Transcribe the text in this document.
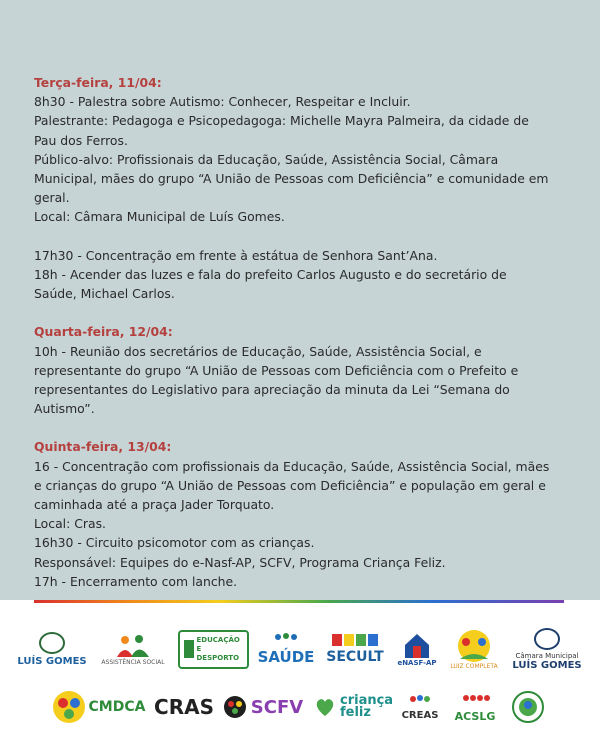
Terça-feira, 11/04:
8h30 - Palestra sobre Autismo: Conhecer, Respeitar e Incluir.
Palestrante: Pedagoga e Psicopedagoga: Michelle Mayra Palmeira, da cidade de
Pau dos Ferros.
Público-alvo: Profissionais da Educação, Saúde, Assistência Social, Câmara
Municipal, mães do grupo “A União de Pessoas com Deficiência” e comunidade em
geral.
Local: Câmara Municipal de Luís Gomes.
17h30 - Concentração em frente à estátua de Senhora Sant’Ana.
18h - Acender das luzes e fala do prefeito Carlos Augusto e do secretário de
Saúde, Michael Carlos.
Quarta-feira, 12/04:
10h - Reunião dos secretários de Educação, Saúde, Assistência Social, e
representante do grupo “A União de Pessoas com Deficiência com o Prefeito e
representantes do Legislativo para apreciação da minuta da Lei “Semana do
Autismo”.
Quinta-feira, 13/04:
16 - Concentração com profissionais da Educação, Saúde, Assistência Social, mães
e crianças do grupo “A União de Pessoas com Deficiência” e população em geral e
caminhada até a praça Jader Torquato.
Local: Cras.
16h30 - Circuito psicomotor com as crianças.
Responsável: Equipes do e-Nasf-AP, SCFV, Programa Criança Feliz.
17h - Encerramento com lanche.
LUÍS GOMES ASSISTÊNCIA SOCIAL
EDUCAÇÃO E DESPORTO SAÚDE SECULT eNASF-AP LUIZ COMPLETA
Câmara Municipal
LUÍS GOMES
CMDCA CRAS SCFV	criança feliz	CREAS ACSLG
